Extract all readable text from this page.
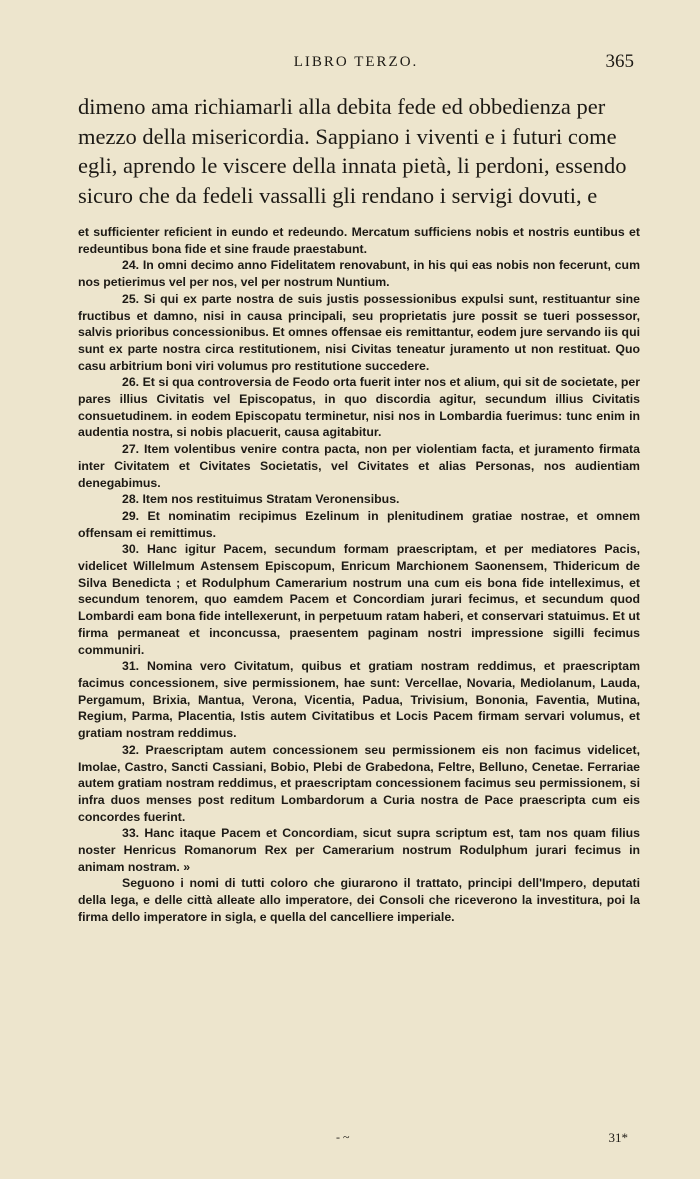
LIBRO TERZO.	365
dimeno ama richiamarli alla debita fede ed obbedienza per
mezzo della misericordia. Sappiano i viventi e i futuri come
egli, aprendo le viscere della innata pietà, li perdoni, essendo
sicuro che da fedeli vassalli gli rendano i servigi dovuti, e

et sufficienter reficient in eundo et redeundo. Mercatum sufficiens nobis et nostris euntibus et redeuntibus bona fide et sine fraude praestabunt.

24. In omni decimo anno Fidelitatem renovabunt, in his qui eas nobis non fecerunt, cum nos petierimus vel per nos, vel per nostrum Nuntium.

25. Si qui ex parte nostra de suis justis possessionibus expulsi sunt, restituantur sine fructibus et damno, nisi in causa principali, seu proprietatis jure possit se tueri possessor, salvis prioribus concessionibus. Et omnes offensae eis remittantur, eodem jure servando iis qui sunt ex parte nostra circa restitutionem, nisi Civitas teneatur juramento ut non restituat. Quo casu arbitrium boni viri volumus pro restitutione succedere.

26. Et si qua controversia de Feodo orta fuerit inter nos et alium, qui sit de societate, per pares illius Civitatis vel Episcopatus, in quo discordia agitur, secundum illius Civitatis consuetudinem. in eodem Episcopatu terminetur, nisi nos in Lombardia fuerimus: tunc enim in audentia nostra, si nobis placuerit, causa agitabitur.

27. Item volentibus venire contra pacta, non per violentiam facta, et juramento firmata inter Civitatem et Civitates Societatis, vel Civitates et alias Personas, nos audientiam denegabimus.

28. Item nos restituimus Stratam Veronensibus.

29. Et nominatim recipimus Ezelinum in plenitudinem gratiae nostrae, et omnem offensam ei remittimus.

30. Hanc igitur Pacem, secundum formam praescriptam, et per mediatores Pacis, videlicet Willelmum Astensem Episcopum, Enricum Marchionem Saonensem, Thidericum de Silva Benedicta ; et Rodulphum Camerarium nostrum una cum eis bona fide intelleximus, et secundum tenorem, quo eamdem Pacem et Concordiam jurari fecimus, et secundum quod Lombardi eam bona fide intellexerunt, in perpetuum ratam haberi, et conservari statuimus. Et ut firma permaneat et inconcussa, praesentem paginam nostri impressione sigilli fecimus communiri.

31. Nomina vero Civitatum, quibus et gratiam nostram reddimus, et praescriptam facimus concessionem, sive permissionem, hae sunt: Vercellae, Novaria, Mediolanum, Lauda, Pergamum, Brixia, Mantua, Verona, Vicentia, Padua, Trivisium, Bononia, Faventia, Mutina, Regium, Parma, Placentia, Istis autem Civitatibus et Locis Pacem firmam servari volumus, et gratiam nostram reddimus.

32. Praescriptam autem concessionem seu permissionem eis non facimus videlicet, Imolae, Castro, Sancti Cassiani, Bobio, Plebi de Grabedona, Feltre, Belluno, Cenetae. Ferrariae autem gratiam nostram reddimus, et praescriptam concessionem facimus seu permissionem, si infra duos menses post reditum Lombardorum a Curia nostra de Pace praescripta cum eis concordes fuerint.

33. Hanc itaque Pacem et Concordiam, sicut supra scriptum est, tam nos quam filius noster Henricus Romanorum Rex per Camerarium nostrum Rodulphum jurari fecimus in animam nostram. »

Seguono i nomi di tutti coloro che giurarono il trattato, principi dell'Impero, deputati della lega, e delle città alleate allo imperatore, dei Consoli che riceverono la investitura, poi la firma dello imperatore in sigla, e quella del cancelliere imperiale.

- ~	31*
